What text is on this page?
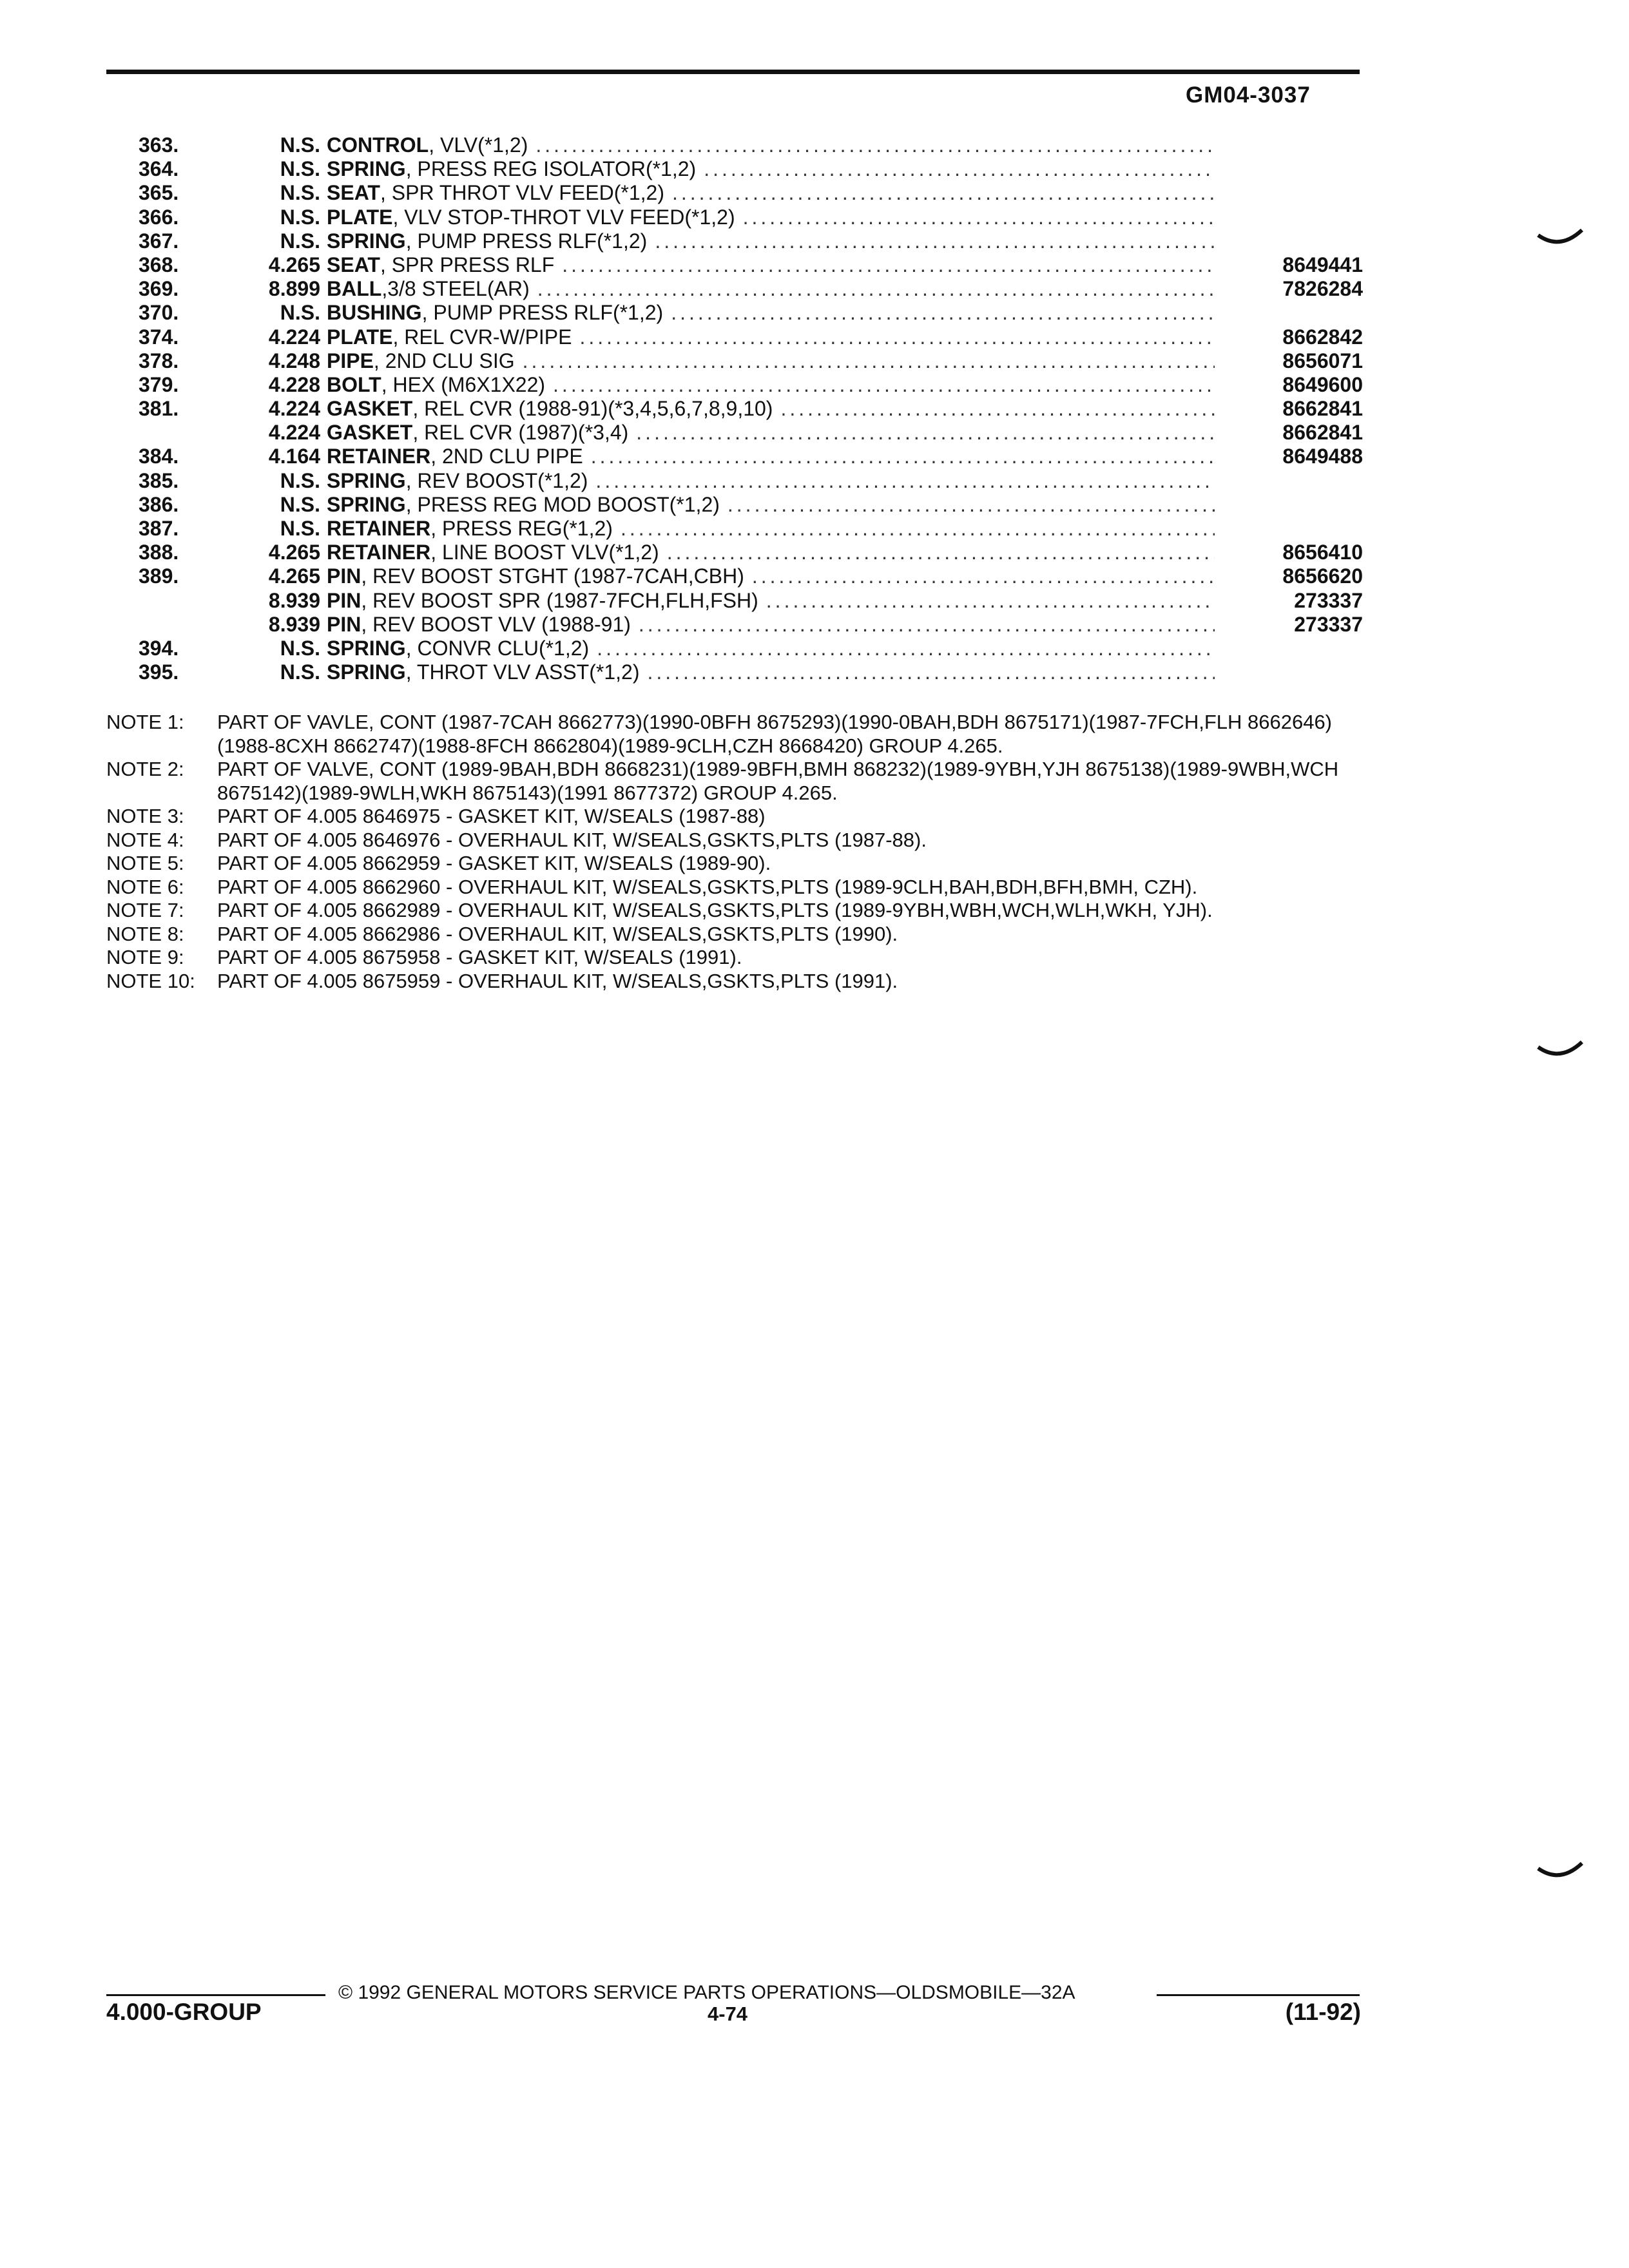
GM04-3037
363.	N.S. CONTROL , VLV(*1,2)
.....
364.	N.S. SPRING , PRESS REG ISOLATOR(*1,2)
.....
365.	N.S. SEAT , SPR THROT VLV FEED(*1,2)
.....
366.	N.S. PLATE , VLV STOP-THROT VLV FEED(*1,2)
.....
367.	N.S. SPRING , PUMP PRESS RLF(*1,2)
.....
368.	4.265 SEAT , SPR PRESS RLF .....	8649441
369.	8.899 BALL ,3/8 STEEL(AR) .....	7826284
370.	N.S. BUSHING , PUMP PRESS RLF(*1,2)
.....
374.	4.224 PLATE , REL CVR-W/PIPE .....	8662842
378.	4.248 PIPE , 2ND CLU SIG .....	8656071
379.	4.228 BOLT , HEX (M6X1X22) .....	8649600
381.	4.224 GASKET , REL CVR (1988-91)(*3,4,5,6,7,8,9,10) .....	8662841
4.224 GASKET , REL CVR (1987)(*3,4) .....	8662841
384.	4.164 RETAINER , 2ND CLU PIPE .....	8649488
385.	N.S. SPRING , REV BOOST(*1,2)
.....
386.	N.S. SPRING , PRESS REG MOD BOOST(*1,2)
.....
387.	N.S. RETAINER , PRESS REG(*1,2)
.....
388.	4.265 RETAINER , LINE BOOST VLV(*1,2) .....	8656410
389.	4.265 PIN , REV BOOST STGHT (1987-7CAH,CBH) .....	8656620
8.939 PIN , REV BOOST SPR (1987-7FCH,FLH,FSH) .....	273337
8.939 PIN , REV BOOST VLV (1988-91) .....	273337
394.	N.S. SPRING , CONVR CLU(*1,2)
.....
395.	N.S. SPRING , THROT VLV ASST(*1,2)
.....
NOTE 1:	PART OF VAVLE, CONT (1987-7CAH 8662773)(1990-0BFH 8675293)(1990-0BAH,BDH 8675171)(1987-7FCH,FLH 8662646)(1988-8CXH 8662747)(1988-8FCH 8662804)(1989-9CLH,CZH 8668420) GROUP 4.265.
NOTE 2:	PART OF VALVE, CONT (1989-9BAH,BDH 8668231)(1989-9BFH,BMH 868232)(1989-9YBH,YJH 8675138)(1989-9WBH,WCH 8675142)(1989-9WLH,WKH 8675143)(1991 8677372) GROUP 4.265.
NOTE 3:	PART OF 4.005 8646975 - GASKET KIT, W/SEALS (1987-88)
NOTE 4:	PART OF 4.005 8646976 - OVERHAUL KIT, W/SEALS,GSKTS,PLTS (1987-88).
NOTE 5:	PART OF 4.005 8662959 - GASKET KIT, W/SEALS (1989-90).
NOTE 6:	PART OF 4.005 8662960 - OVERHAUL KIT, W/SEALS,GSKTS,PLTS (1989-9CLH,BAH,BDH,BFH,BMH, CZH).
NOTE 7:	PART OF 4.005 8662989 - OVERHAUL KIT, W/SEALS,GSKTS,PLTS (1989-9YBH,WBH,WCH,WLH,WKH, YJH).
NOTE 8:	PART OF 4.005 8662986 - OVERHAUL KIT, W/SEALS,GSKTS,PLTS (1990).
NOTE 9:	PART OF 4.005 8675958 - GASKET KIT, W/SEALS (1991).
NOTE 10:	PART OF 4.005 8675959 - OVERHAUL KIT, W/SEALS,GSKTS,PLTS (1991).
© 1992 GENERAL MOTORS SERVICE PARTS OPERATIONS—OLDSMOBILE—32A
4.000-GROUP	4-74	(11-92)
